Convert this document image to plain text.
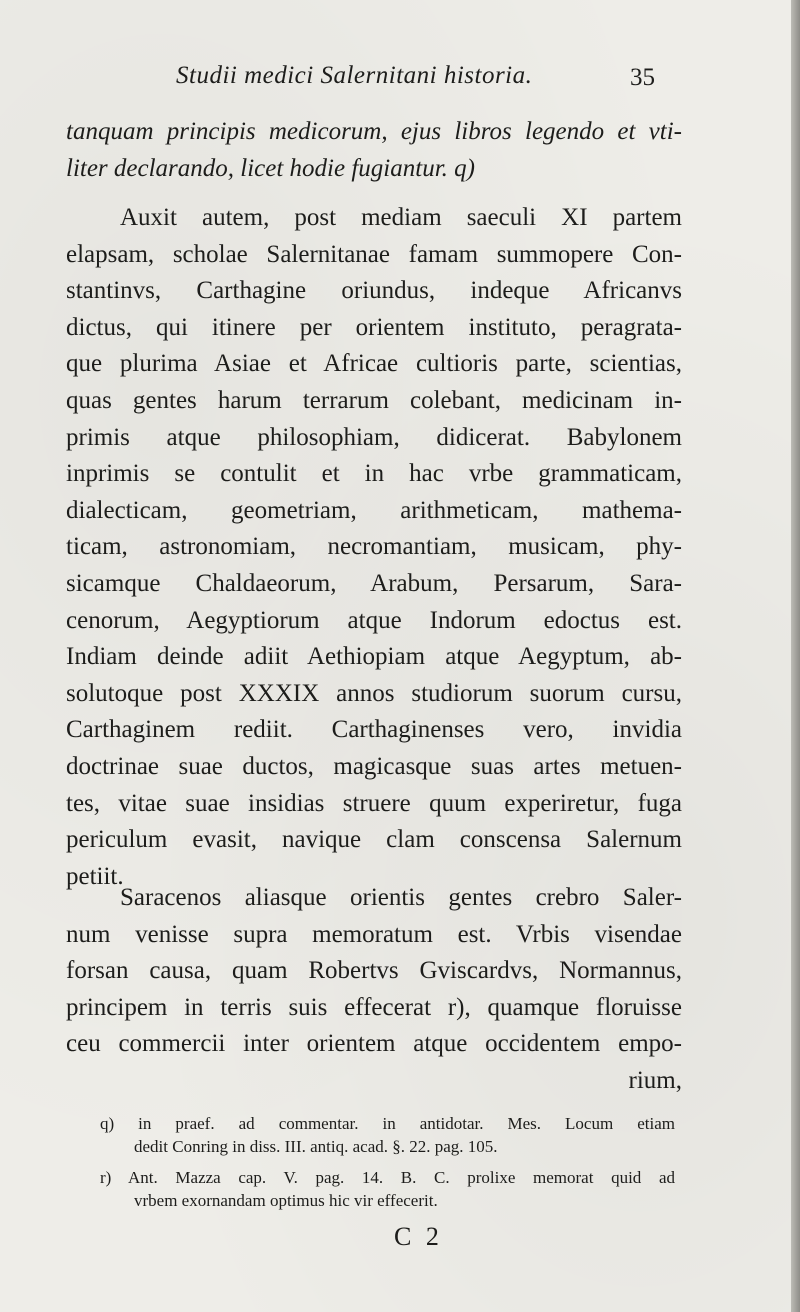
Studii medici Salernitani historia.	35
tanquam principis medicorum, ejus libros legendo et vti-
liter declarando, licet hodie fugiantur. q)
Auxit autem, post mediam saeculi XI partem
elapsam, scholae Salernitanae famam summopere Con-
stantinvs, Carthagine oriundus, indeque Africanvs
dictus, qui itinere per orientem instituto, peragrata-
que plurima Asiae et Africae cultioris parte, scientias,
quas gentes harum terrarum colebant, medicinam in-
primis atque philosophiam, didicerat. Babylonem
inprimis se contulit et in hac vrbe grammaticam,
dialecticam, geometriam, arithmeticam, mathema-
ticam, astronomiam, necromantiam, musicam, phy-
sicamque Chaldaeorum, Arabum, Persarum, Sara-
cenorum, Aegyptiorum atque Indorum edoctus est.
Indiam deinde adiit Aethiopiam atque Aegyptum, ab-
solutoque post XXXIX annos studiorum suorum cursu,
Carthaginem rediit. Carthaginenses vero, invidia
doctrinae suae ductos, magicasque suas artes metuen-
tes, vitae suae insidias struere quum experiretur, fuga
periculum evasit, navique clam conscensa Salernum
petiit.
Saracenos aliasque orientis gentes crebro Saler-
num venisse supra memoratum est. Vrbis visendae
forsan causa, quam Robertvs Gviscardvs, Normannus,
principem in terris suis effecerat r), quamque floruisse
ceu commercii inter orientem atque occidentem empo-
rium,
q) in praef. ad commentar. in antidotar. Mes. Locum etiam
dedit Conring in diss. III. antiq. acad. §. 22. pag. 105.
r) Ant. Mazza cap. V. pag. 14. B. C. prolixe memorat quid ad
vrbem exornandam optimus hic vir effecerit.
C 2
